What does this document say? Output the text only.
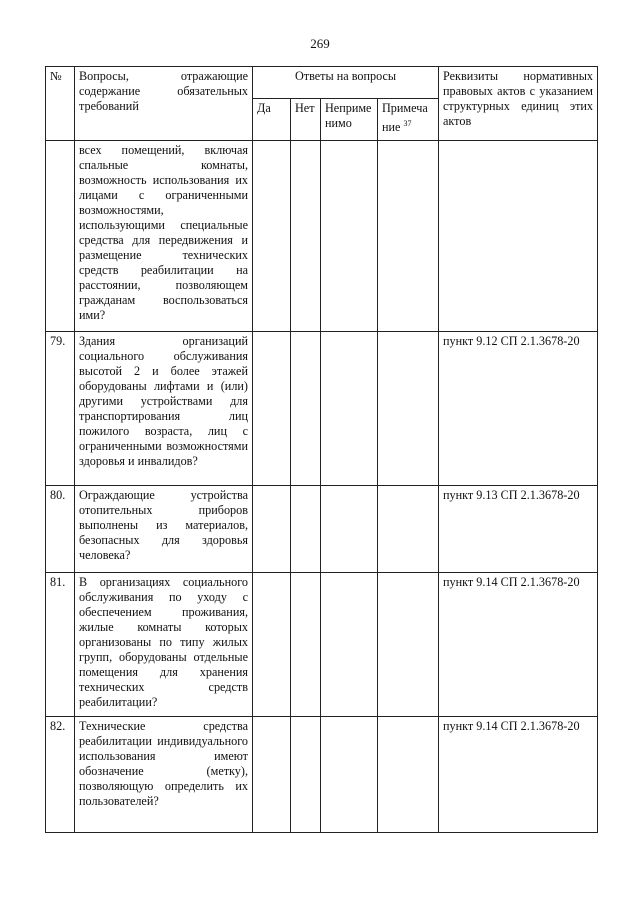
269
№	Вопросы, отражающие содержание обязательных требований	Ответы на вопросы				Реквизиты нормативных правовых актов с указанием структурных единиц этих актов
		Да	Нет	Неприме нимо	Примеча ние $^{37}$
	всех помещений, включая спальные комнаты, возможность использования их лицами с ограниченными возможностями, использующими специальные средства для передвижения и размещение технических средств реабилитации на расстоянии, позволяющем гражданам воспользоваться ими?					
79.	Здания организаций социального обслуживания высотой 2 и более этажей оборудованы лифтами и (или) другими устройствами для транспортирования лиц пожилого возраста, лиц с ограниченными возможностями здоровья и инвалидов?					пункт 9.12 СП 2.1.3678-20
80.	Ограждающие устройства отопительных приборов выполнены из материалов, безопасных для здоровья человека?					пункт 9.13 СП 2.1.3678-20
81.	В организациях социального обслуживания по уходу с обеспечением проживания, жилые комнаты которых организованы по типу жилых групп, оборудованы отдельные помещения для хранения технических средств реабилитации?					пункт 9.14 СП 2.1.3678-20
82.	Технические средства реабилитации индивидуального использования имеют обозначение (метку), позволяющую определить их пользователей?					пункт 9.14 СП 2.1.3678-20
